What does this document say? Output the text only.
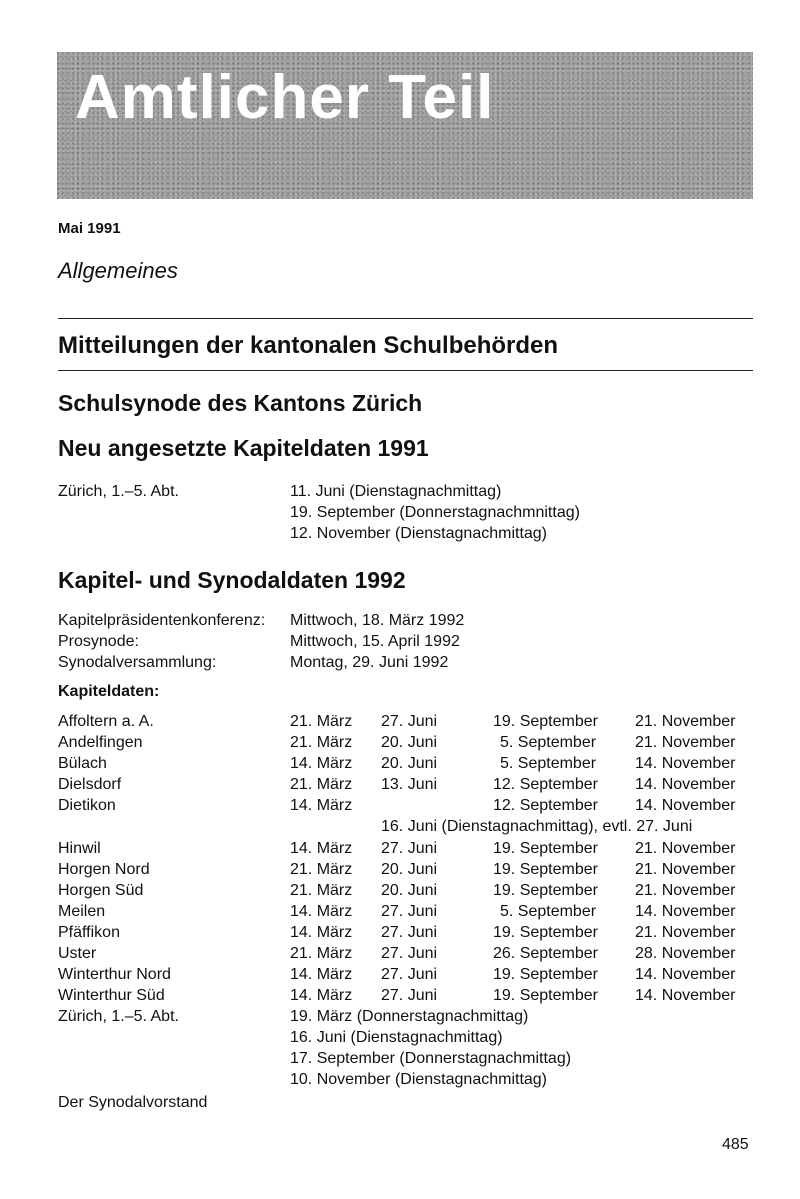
Amtlicher Teil
Mai 1991
Allgemeines
Mitteilungen der kantonalen Schulbehörden
Schulsynode des Kantons Zürich
Neu angesetzte Kapiteldaten 1991
Zürich, 1.–5. Abt.	11. Juni (Dienstagnachmittag)
19. September (Donnerstagnachmnittag)
12. November (Dienstagnachmittag)
Kapitel- und Synodaldaten 1992
Kapitelpräsidentenkonferenz: Mittwoch, 18. März 1992
Prosynode:	Mittwoch, 15. April 1992
Synodalversammlung:	Montag, 29. Juni 1992
Kapiteldaten:
Affoltern a. A.	21. März 27. Juni	19. September 21. November
Andelfingen	21. März 20. Juni	5. September 21. November
Bülach	14. März 20. Juni	5. September 14. November
Dielsdorf	21. März 13. Juni	12. September 14. November
Dietikon	14. März	12. September 14. November
16. Juni (Dienstagnachmittag), evtl. 27. Juni
Hinwil	14. März 27. Juni	19. September 21. November
Horgen Nord	21. März 20. Juni	19. September 21. November
Horgen Süd	21. März 20. Juni	19. September 21. November
Meilen	14. März 27. Juni	5. September 14. November
Pfäffikon	14. März 27. Juni	19. September 21. November
Uster	21. März 27. Juni	26. September 28. November
Winterthur Nord	14. März 27. Juni	19. September 14. November
Winterthur Süd	14. März 27. Juni	19. September 14. November
Zürich, 1.–5. Abt.	19. März (Donnerstagnachmittag)
16. Juni (Dienstagnachmittag)
17. September (Donnerstagnachmittag)
10. November (Dienstagnachmittag)
Der Synodalvorstand
485
